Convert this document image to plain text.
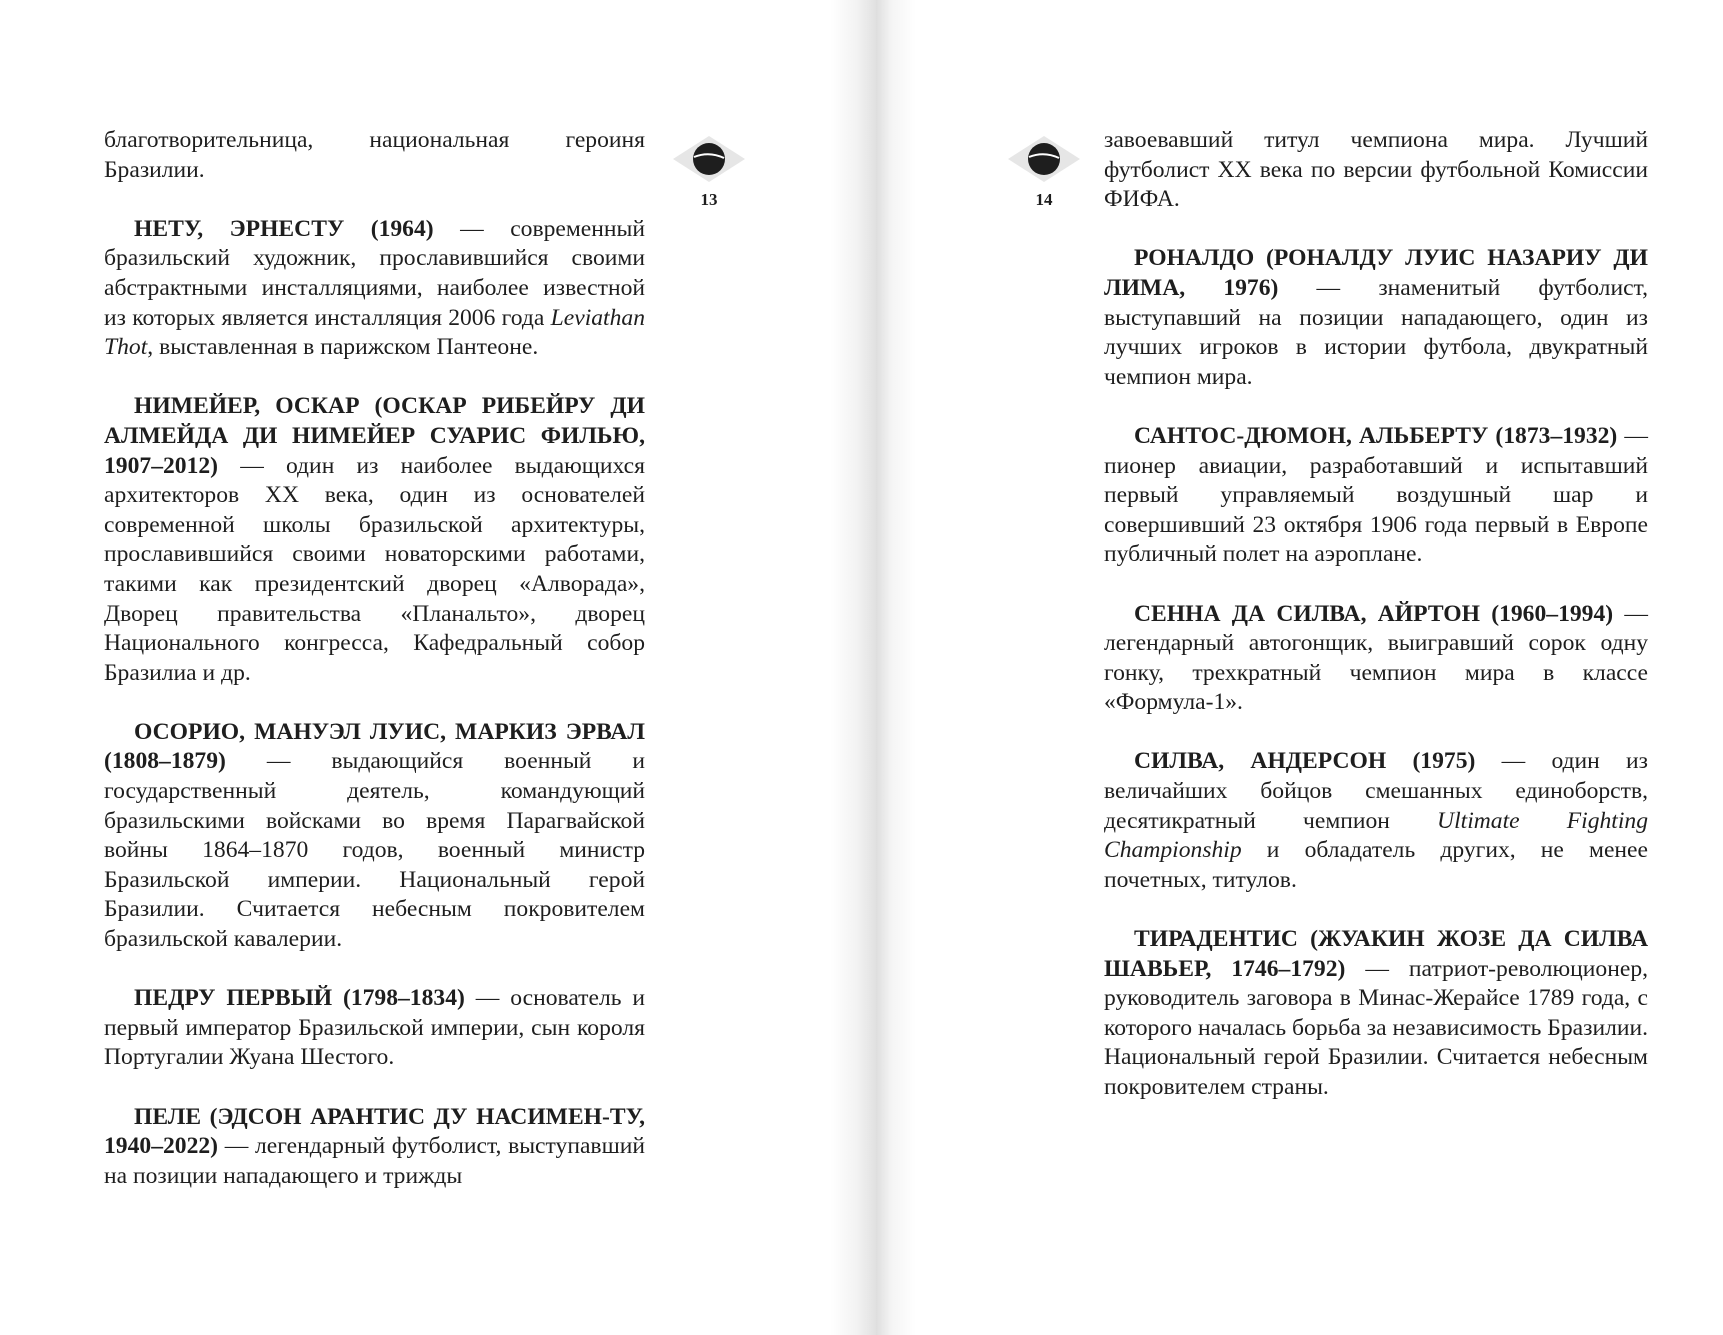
13

благотворительница, национальная героиня Бразилии.

НЕТУ, ЭРНЕСТУ (1964) — современный бразильский художник, прославившийся своими абстрактными инсталляциями, наиболее известной из которых является инсталляция 2006 года Leviathan Thot, выставленная в парижском Пантеоне.

НИМЕЙЕР, ОСКАР (ОСКАР РИБЕЙРУ ДИ АЛМЕЙДА ДИ НИМЕЙЕР СУАРИС ФИЛЬЮ, 1907–2012) — один из наиболее выдающихся архитекторов XX века, один из основателей современной школы бразильской архитектуры, прославившийся своими новаторскими работами, такими как президентский дворец «Алворада», Дворец правительства «Планальто», дворец Национального конгресса, Кафедральный собор Бразилиа и др.

ОСОРИО, МАНУЭЛ ЛУИС, МАРКИЗ ЭРВАЛ (1808–1879) — выдающийся военный и государственный деятель, командующий бразильскими войсками во время Парагвайской войны 1864–1870 годов, военный министр Бразильской империи. Национальный герой Бразилии. Считается небесным покровителем бразильской кавалерии.

ПЕДРУ ПЕРВЫЙ (1798–1834) — основатель и первый император Бразильской империи, сын короля Португалии Жуана Шестого.

ПЕЛЕ (ЭДСОН АРАНТИС ДУ НАСИМЕН-ТУ, 1940–2022) — легендарный футболист, выступавший на позиции нападающего и трижды

14

завоевавший титул чемпиона мира. Лучший футболист XX века по версии футбольной Комиссии ФИФА.

РОНАЛДО (РОНАЛДУ ЛУИС НАЗАРИУ ДИ ЛИМА, 1976) — знаменитый футболист, выступавший на позиции нападающего, один из лучших игроков в истории футбола, двукратный чемпион мира.

САНТОС-ДЮМОН, АЛЬБЕРТУ (1873–1932) — пионер авиации, разработавший и испытавший первый управляемый воздушный шар и совершивший 23 октября 1906 года первый в Европе публичный полет на аэроплане.

СЕННА ДА СИЛВА, АЙРТОН (1960–1994) — легендарный автогонщик, выигравший сорок одну гонку, трехкратный чемпион мира в классе «Формула-1».

СИЛВА, АНДЕРСОН (1975) — один из величайших бойцов смешанных единоборств, десятикратный чемпион Ultimate Fighting Championship и обладатель других, не менее почетных, титулов.

ТИРАДЕНТИС (ЖУАКИН ЖОЗЕ ДА СИЛВА ШАВЬЕР, 1746–1792) — патриот-революционер, руководитель заговора в Минас-Жерайсе 1789 года, с которого началась борьба за независимость Бразилии. Национальный герой Бразилии. Считается небесным покровителем страны.
